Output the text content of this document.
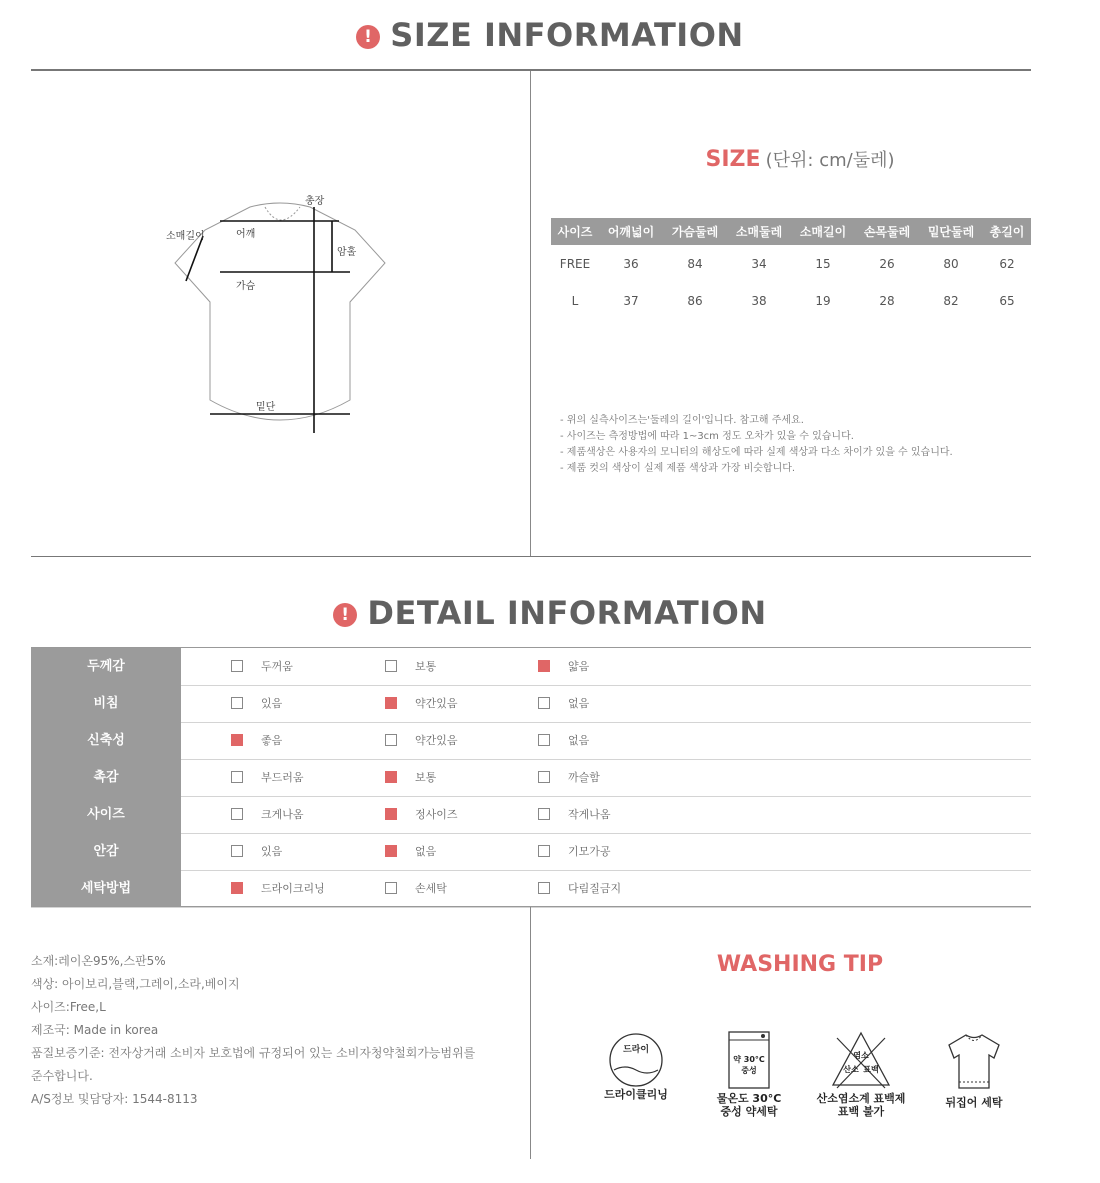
! SIZE INFORMATION
총장
소매길이	어깨
암홀
가슴
밑단
SIZE (단위: cm/둘레)
사이즈	어깨넓이	가슴둘레	소매둘레	소매길이	손목둘레	밑단둘레	총길이
FREE	36	84	34	15	26	80	62
L	37	86	38	19	28	82	65
- 위의 실측사이즈는'둘레의 길이'입니다. 참고해 주세요.
- 사이즈는 측정방법에 따라 1~3cm 정도 오차가 있을 수 있습니다.
- 제품색상은 사용자의 모니터의 해상도에 따라 실제 색상과 다소 차이가 있을 수 있습니다.
- 제품 컷의 색상이 실제 제품 색상과 가장 비슷합니다.
! DETAIL INFORMATION
두께감	두꺼움	보통	얇음
비침	있음	약간있음	없음
신축성	좋음	약간있음	없음
촉감	부드러움	보통	까슬함
사이즈	크게나옴	정사이즈	작게나옴
안감	있음	없음	기모가공
세탁방법	드라이크리닝	손세탁	다림질금지
소재:레이온95%,스판5%
색상: 아이보리,블랙,그레이,소라,베이지
사이즈:Free,L
제조국: Made in korea
품질보증기준: 전자상거래 소비자 보호법에 규정되어 있는 소비자청약철회가능범위를
준수합니다.
A/S정보 및담당자: 1544-8113
WASHING TIP
드라이
드라이클리닝
약 30°C
중성
물온도 30°C
중성 약세탁
염소
산소 표백
산소염소계 표백제
표백 불가
뒤집어 세탁
